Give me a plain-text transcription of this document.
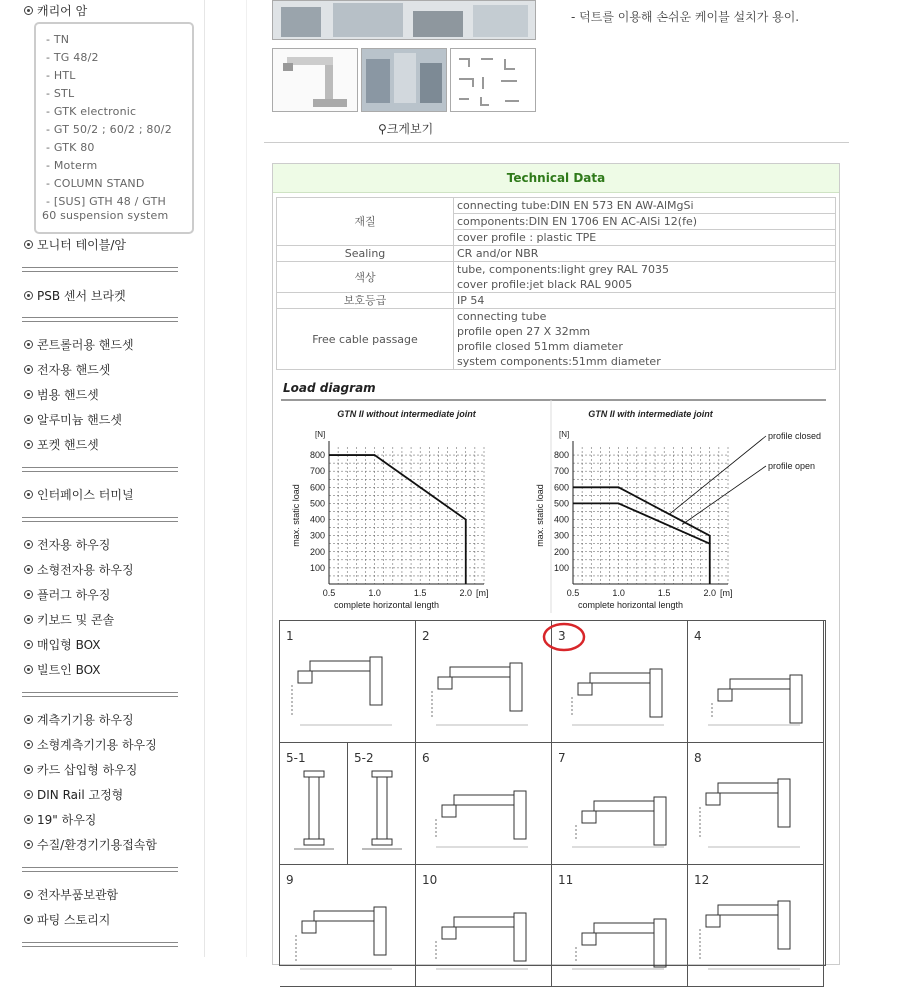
캐리어 암
- TN
- TG 48/2
- HTL
- STL
- GTK electronic
- GT 50/2 ; 60/2 ; 80/2
- GTK 80
- Moterm
- COLUMN STAND
- [SUS] GTH 48 / GTH
60 suspension system
모니터 테이블/암
PSB 센서 브라켓
콘트롤러용 핸드셋
전자용 핸드셋
범용 핸드셋
알루미늄 핸드셋
포켓 핸드셋
인터페이스 터미널
전자용 하우징
소형전자용 하우징
플러그 하우징
키보드 및 콘솔
매입형 BOX
빌트인 BOX
계측기기용 하우징
소형계측기기용 하우징
카드 삽입형 하우징
DIN Rail 고정형
19" 하우징
수질/환경기기용접속함
전자부품보관함
파팅 스토리지
- 덕트를 이용해 손쉬운 케이블 설치가 용이.
⚲크게보기
Technical Data
재질	connecting tube:DIN EN 573 EN AW-AlMgSi
	components:DIN EN 1706 EN AC-AlSi 12(fe)
	cover profile : plastic TPE
Sealing	CR and/or NBR
색상	tube, components:light grey RAL 7035
cover profile:jet black RAL 9005

보호등급	IP 54
Free cable passage	connecting tube
profile open 27 X 32mm
profile closed 51mm diameter
system components:51mm diameter
Load diagram
GTN II without intermediate joint
100
200
300
400
500
600
700
800
0.5	1.0	1.5	2.0
[N]
[m]
complete horizontal length
max. static load
GTN II with intermediate joint
100
200
300
400
500
600
700
800
0.5	1.0	1.5	2.0
[N]
[m]
complete horizontal length
max. static load
profile closed
profile open
1	2	3	4
5-1	5-2	6	7	8
9	10	11	12
